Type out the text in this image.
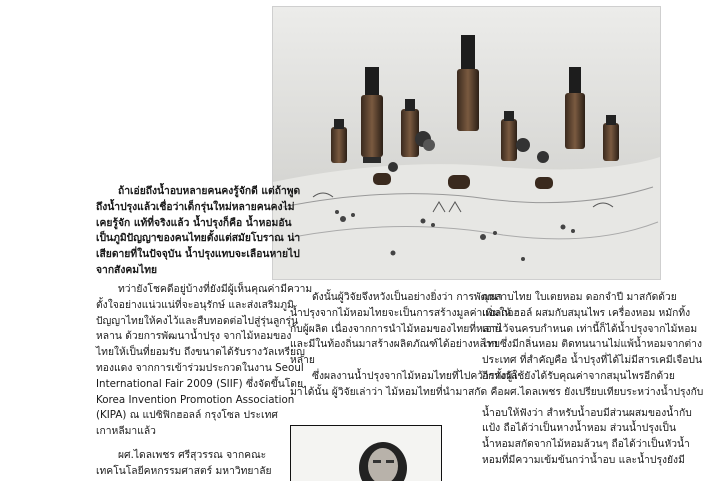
ถ้าเอ่ยถึงน้ำอบหลายคนคงรู้จักดี แต่ถ้าพูด

ถึงน้ำปรุงแล้วเชื่อว่าเด็กรุ่นใหม่หลายคนคงไม่

เคยรู้จัก แท้ที่จริงแล้ว น้ำปรุงก็คือ น้ำหอมอัน

เป็นภูมิปัญญาของคนไทยตั้งแต่สมัยโบราณ น่า

เสียดายที่ในปัจจุบัน น้ำปรุงแทบจะเลือนหายไป

จากสังคมไทย

ทว่ายังโชคดีอยู่บ้างที่ยังมีผู้เห็นคุณค่ามีความ

ตั้งใจอย่างแน่วแน่ที่จะอนุรักษ์ และส่งเสริมภูมิ

ปัญญาไทยให้คงไว้และสืบทอดต่อไปสู่รุ่นลูกรุ่น

หลาน ด้วยการพัฒนาน้ำปรุง จากไม้หอมของ

ไทยให้เป็นที่ยอมรับ ถึงขนาดได้รับรางวัลเหรียญ

ทองแดง จากการเข้าร่วมประกวดในงาน Seoul

International Fair 2009 (SIIF) ซึ่งจัดขึ้นโดย

Korea Invention Promotion Association

(KIPA) ณ แปซิฟิกฮอลล์ กรุงโซล ประเทศ

เกาหลีมาแล้ว

ผศ.ไดลเพชร ศรีสุวรรณ จากคณะ

เทคโนโลยีคหกรรมศาสตร์ มหาวิทยาลัย

ดังนั้นผู้วิจัยจึงหวังเป็นอย่างยิ่งว่า การพัฒนา

น้ำปรุงจากไม้หอมไทยจะเป็นการสร้างมูลค่าเพิ่มให้

กับผู้ผลิต เนื่องจากการนำไม้หอมของไทยที่หลาย

และมีในท้องถิ่นมาสร้างผลิตภัณฑ์ได้อย่างหลาก

หลาย

ซึ่งผลงานน้ำปรุงจากไม้หอมไทยที่ไปคว้ารางวัล

มาได้นั้น ผู้วิจัยเล่าว่า ไม้หอมไทยที่นำมาสกัด คือ

กุหลาบไทย ใบเตยหอม ดอกจำปี มาสกัดด้วย

แอลกอฮอล์ ผสมกับสมุนไพร เครื่องหอม หมักทิ้ง

เอาไว้จนครบกำหนด เท่านี้ก็ได้น้ำปรุงจากไม้หอม

ไทยซึ่งมีกลิ่นหอม ติดทนนานไม่แพ้น้ำหอมจากต่าง

ประเทศ ที่สำคัญคือ น้ำปรุงที่ได้ไม่มีสารเคมีเจือปน

อีกทั้งผู้ใช้ยังได้รับคุณค่าจากสมุนไพรอีกด้วย

ผศ.ไดลเพชร ยังเปรียบเทียบระหว่างน้ำปรุงกับ

น้ำอบให้ฟังว่า สำหรับน้ำอบมีส่วนผสมของน้ำกับ

แป้ง ถือได้ว่าเป็นหางน้ำหอม ส่วนน้ำปรุงเป็น

น้ำหอมสกัดจากไม้หอมล้วนๆ ถือได้ว่าเป็นหัวน้ำ

หอมที่มีความเข้มข้นกว่าน้ำอบ และน้ำปรุงยังมี
